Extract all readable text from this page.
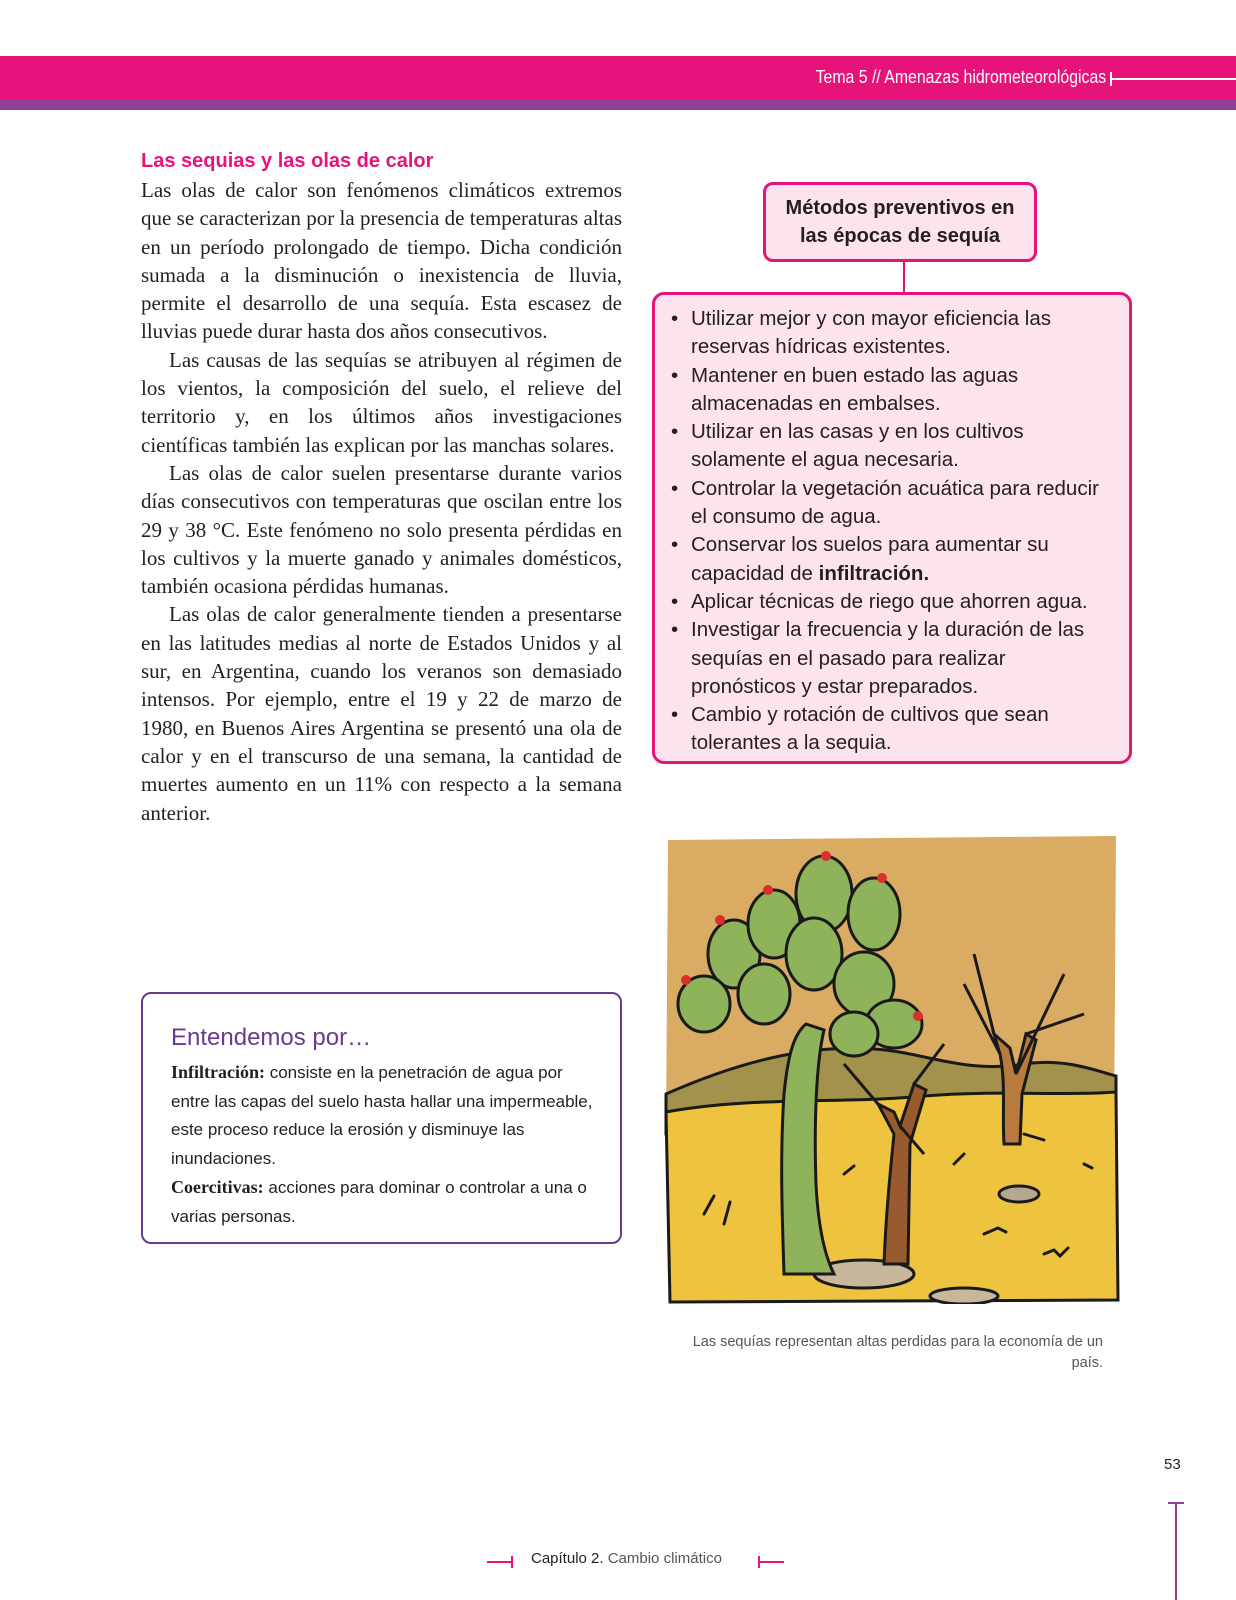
Tema 5 // Amenazas hidrometeorológicas
Las sequias y las olas de calor

Las olas de calor son fenómenos climáticos extremos que se caracterizan por la presencia de temperaturas altas en un período prolongado de tiempo. Dicha condición sumada a la disminución o inexistencia de lluvia, permite el desarrollo de una sequía. Esta escasez de lluvias puede durar hasta dos años consecutivos.

Las causas de las sequías se atribuyen al régimen de los vientos, la composición del suelo, el relieve del territorio y, en los últimos años investigaciones científicas también las explican por las manchas solares.

Las olas de calor suelen presentarse durante varios días consecutivos con temperaturas que oscilan entre los 29 y 38 °C. Este fenómeno no solo presenta pérdidas en los cultivos y la muerte ganado y animales domésticos, también ocasiona pérdidas humanas.

Las olas de calor generalmente tienden a presentarse en las latitudes medias al norte de Estados Unidos y al sur, en Argentina, cuando los veranos son demasiado intensos. Por ejemplo, entre el 19 y 22 de marzo de 1980, en Buenos Aires Argentina se presentó una ola de calor y en el transcurso de una semana, la cantidad de muertes aumento en un 11% con respecto a la semana anterior.

Métodos preventivos en las épocas de sequía
• Utilizar mejor y con mayor eficiencia las reservas hídricas existentes.
• Mantener en buen estado las aguas almacenadas en embalses.
• Utilizar en las casas y en los cultivos solamente el agua necesaria.
• Controlar la vegetación acuática para reducir el consumo de agua.
• Conservar los suelos para aumentar su capacidad de infiltración.
• Aplicar técnicas de riego que ahorren agua.
• Investigar la frecuencia y la duración de las sequías en el pasado para realizar pronósticos y estar preparados.
• Cambio y rotación de cultivos que sean tolerantes a la sequia.
Las sequías representan altas perdidas para la economía de un país.
Entendemos por…

Infiltración: consiste en la penetración de agua por entre las capas del suelo hasta hallar una impermeable, este proceso reduce la erosión y disminuye las inundaciones.

Coercitivas: acciones para dominar o controlar a una o varias personas.

53
Capítulo 2. Cambio climático
